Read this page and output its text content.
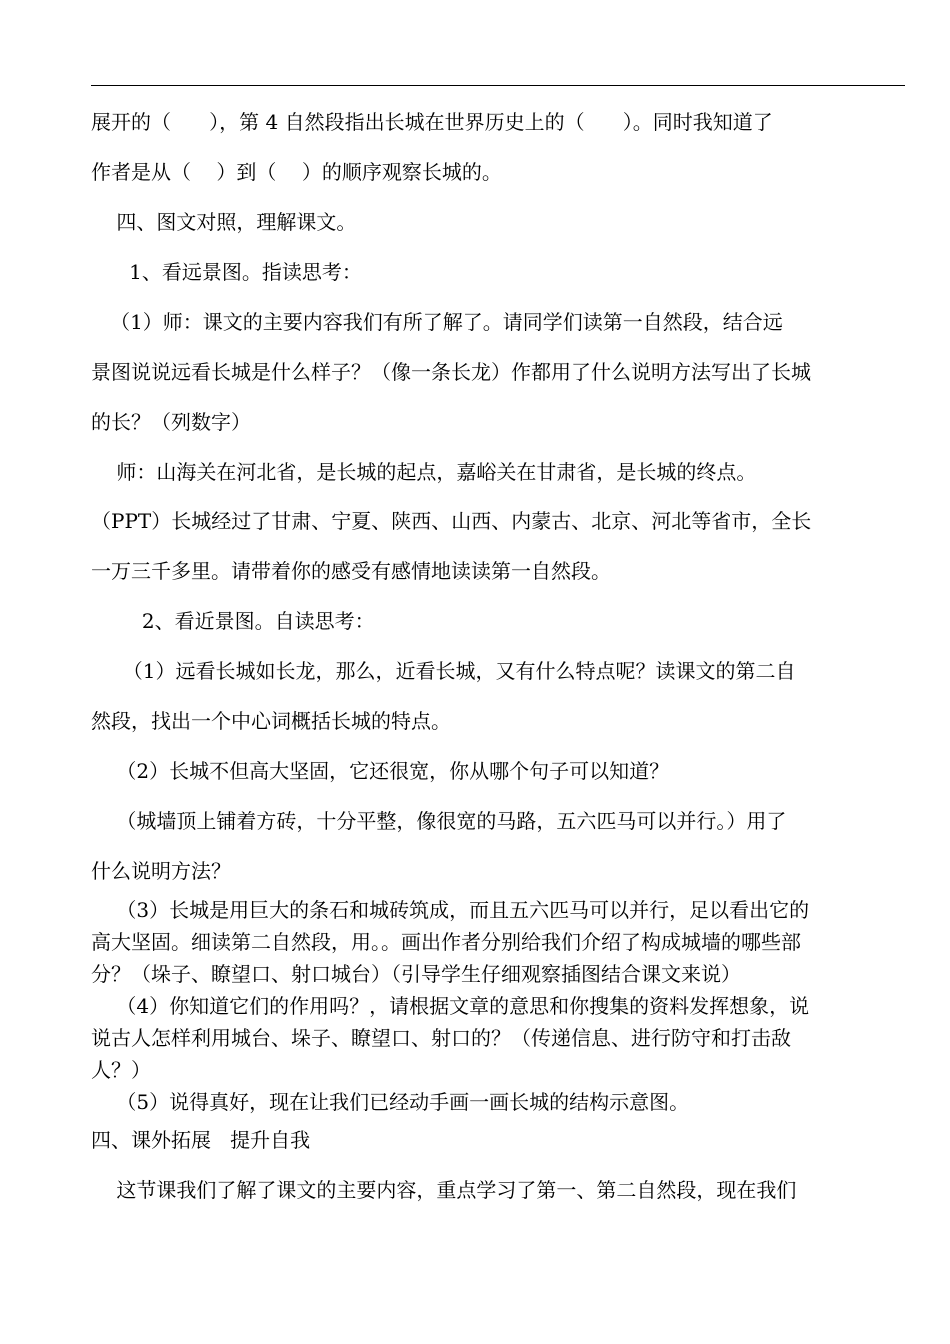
展开的（      ），第 4 自然段指出长城在世界历史上的（      ）。同时我知道了
作者是从（    ）到（    ）的顺序观察长城的。
四、图文对照，理解课文。
1、看远景图。指读思考：
（1）师：课文的主要内容我们有所了解了。请同学们读第一自然段，结合远
景图说说远看长城是什么样子？（像一条长龙）作都用了什么说明方法写出了长城
的长？（列数字）
师：山海关在河北省，是长城的起点，嘉峪关在甘肃省，是长城的终点。
（PPT）长城经过了甘肃、宁夏、陕西、山西、内蒙古、北京、河北等省市，全长
一万三千多里。请带着你的感受有感情地读读第一自然段。
2、看近景图。自读思考：
（1）远看长城如长龙，那么，近看长城，又有什么特点呢？读课文的第二自
然段，找出一个中心词概括长城的特点。
（2）长城不但高大坚固，它还很宽，你从哪个句子可以知道？
（城墙顶上铺着方砖，十分平整，像很宽的马路，五六匹马可以并行。）用了
什么说明方法？
（3）长城是用巨大的条石和城砖筑成，而且五六匹马可以并行，足以看出它的
高大坚固。细读第二自然段，用。。画出作者分别给我们介绍了构成城墙的哪些部
分？（垛子、瞭望口、射口城台）（引导学生仔细观察插图结合课文来说）
（4）你知道它们的作用吗？，请根据文章的意思和你搜集的资料发挥想象，说
说古人怎样利用城台、垛子、瞭望口、射口的？（传递信息、进行防守和打击敌
人？）
（5）说得真好，现在让我们已经动手画一画长城的结构示意图。
四、课外拓展   提升自我
这节课我们了解了课文的主要内容，重点学习了第一、第二自然段，现在我们
